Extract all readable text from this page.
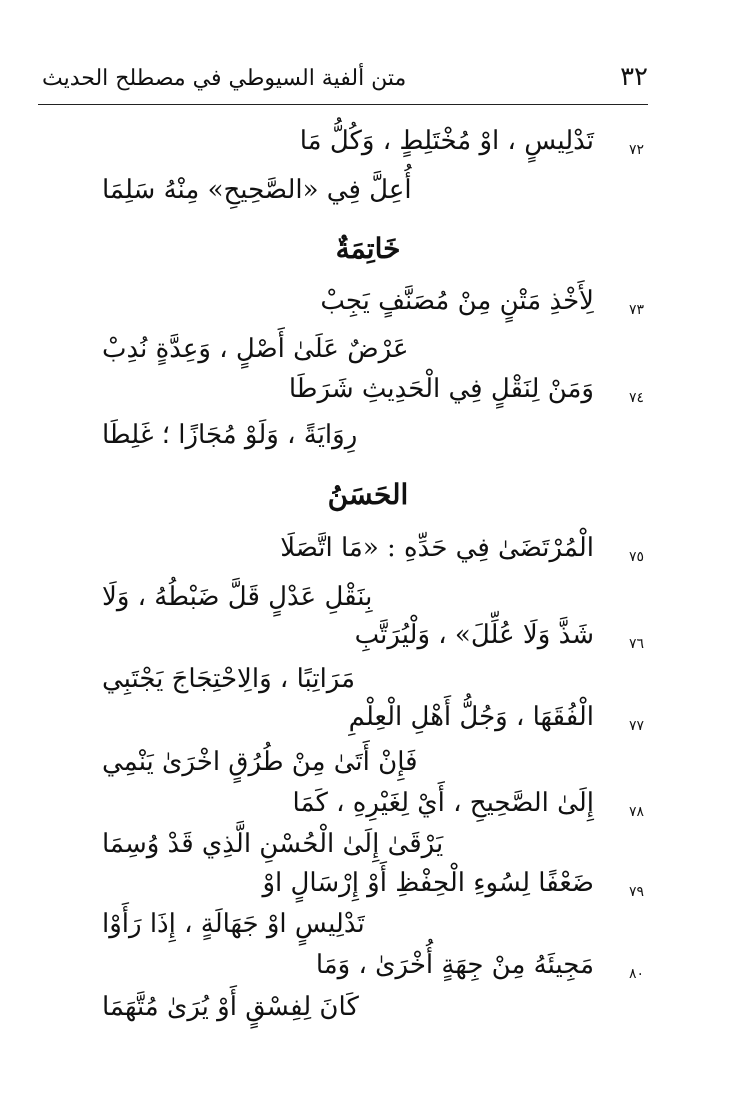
متن ألفية السيوطي في مصطلح الحديث	٣٢
٧٢
تَدْلِيسٍ ، اوْ مُخْتَلِطٍ ، وَكُلُّ مَا
أُعِلَّ فِي «الصَّحِيحِ» مِنْهُ سَلِمَا
خَاتِمَةٌ
٧٣
لِأَخْذِ مَتْنٍ مِنْ مُصَنَّفٍ يَجِبْ
عَرْضٌ عَلَىٰ أَصْلٍ ، وَعِدَّةٍ نُدِبْ
٧٤
وَمَنْ لِنَقْلٍ فِي الْحَدِيثِ شَرَطَا
رِوَايَةً ، وَلَوْ مُجَازًا ؛ غَلِطَا
الحَسَنُ
٧٥
الْمُرْتَضَىٰ فِي حَدِّهِ : «مَا اتَّصَلَا
بِنَقْلِ عَدْلٍ قَلَّ ضَبْطُهُ ، وَلَا
٧٦
شَذَّ وَلَا عُلِّلَ» ، وَلْيُرَتَّبِ
مَرَاتِبًا ، وَالِاحْتِجَاجَ يَجْتَبِي
٧٧
الْفُقَهَا ، وَجُلُّ أَهْلِ الْعِلْمِ
فَإِنْ أَتَىٰ مِنْ طُرُقٍ اخْرَىٰ يَنْمِي
٧٨
إِلَىٰ الصَّحِيحِ ، أَيْ لِغَيْرِهِ ، كَمَا
يَرْقَىٰ إِلَىٰ الْحُسْنِ الَّذِي قَدْ وُسِمَا
٧٩
ضَعْفًا لِسُوءِ الْحِفْظِ أَوْ إِرْسَالٍ اوْ
تَدْلِيسٍ اوْ جَهَالَةٍ ، إِذَا رَأَوْا
٨٠
مَجِيئَهُ مِنْ جِهَةٍ أُخْرَىٰ ، وَمَا
كَانَ لِفِسْقٍ أَوْ يُرَىٰ مُتَّهَمَا
